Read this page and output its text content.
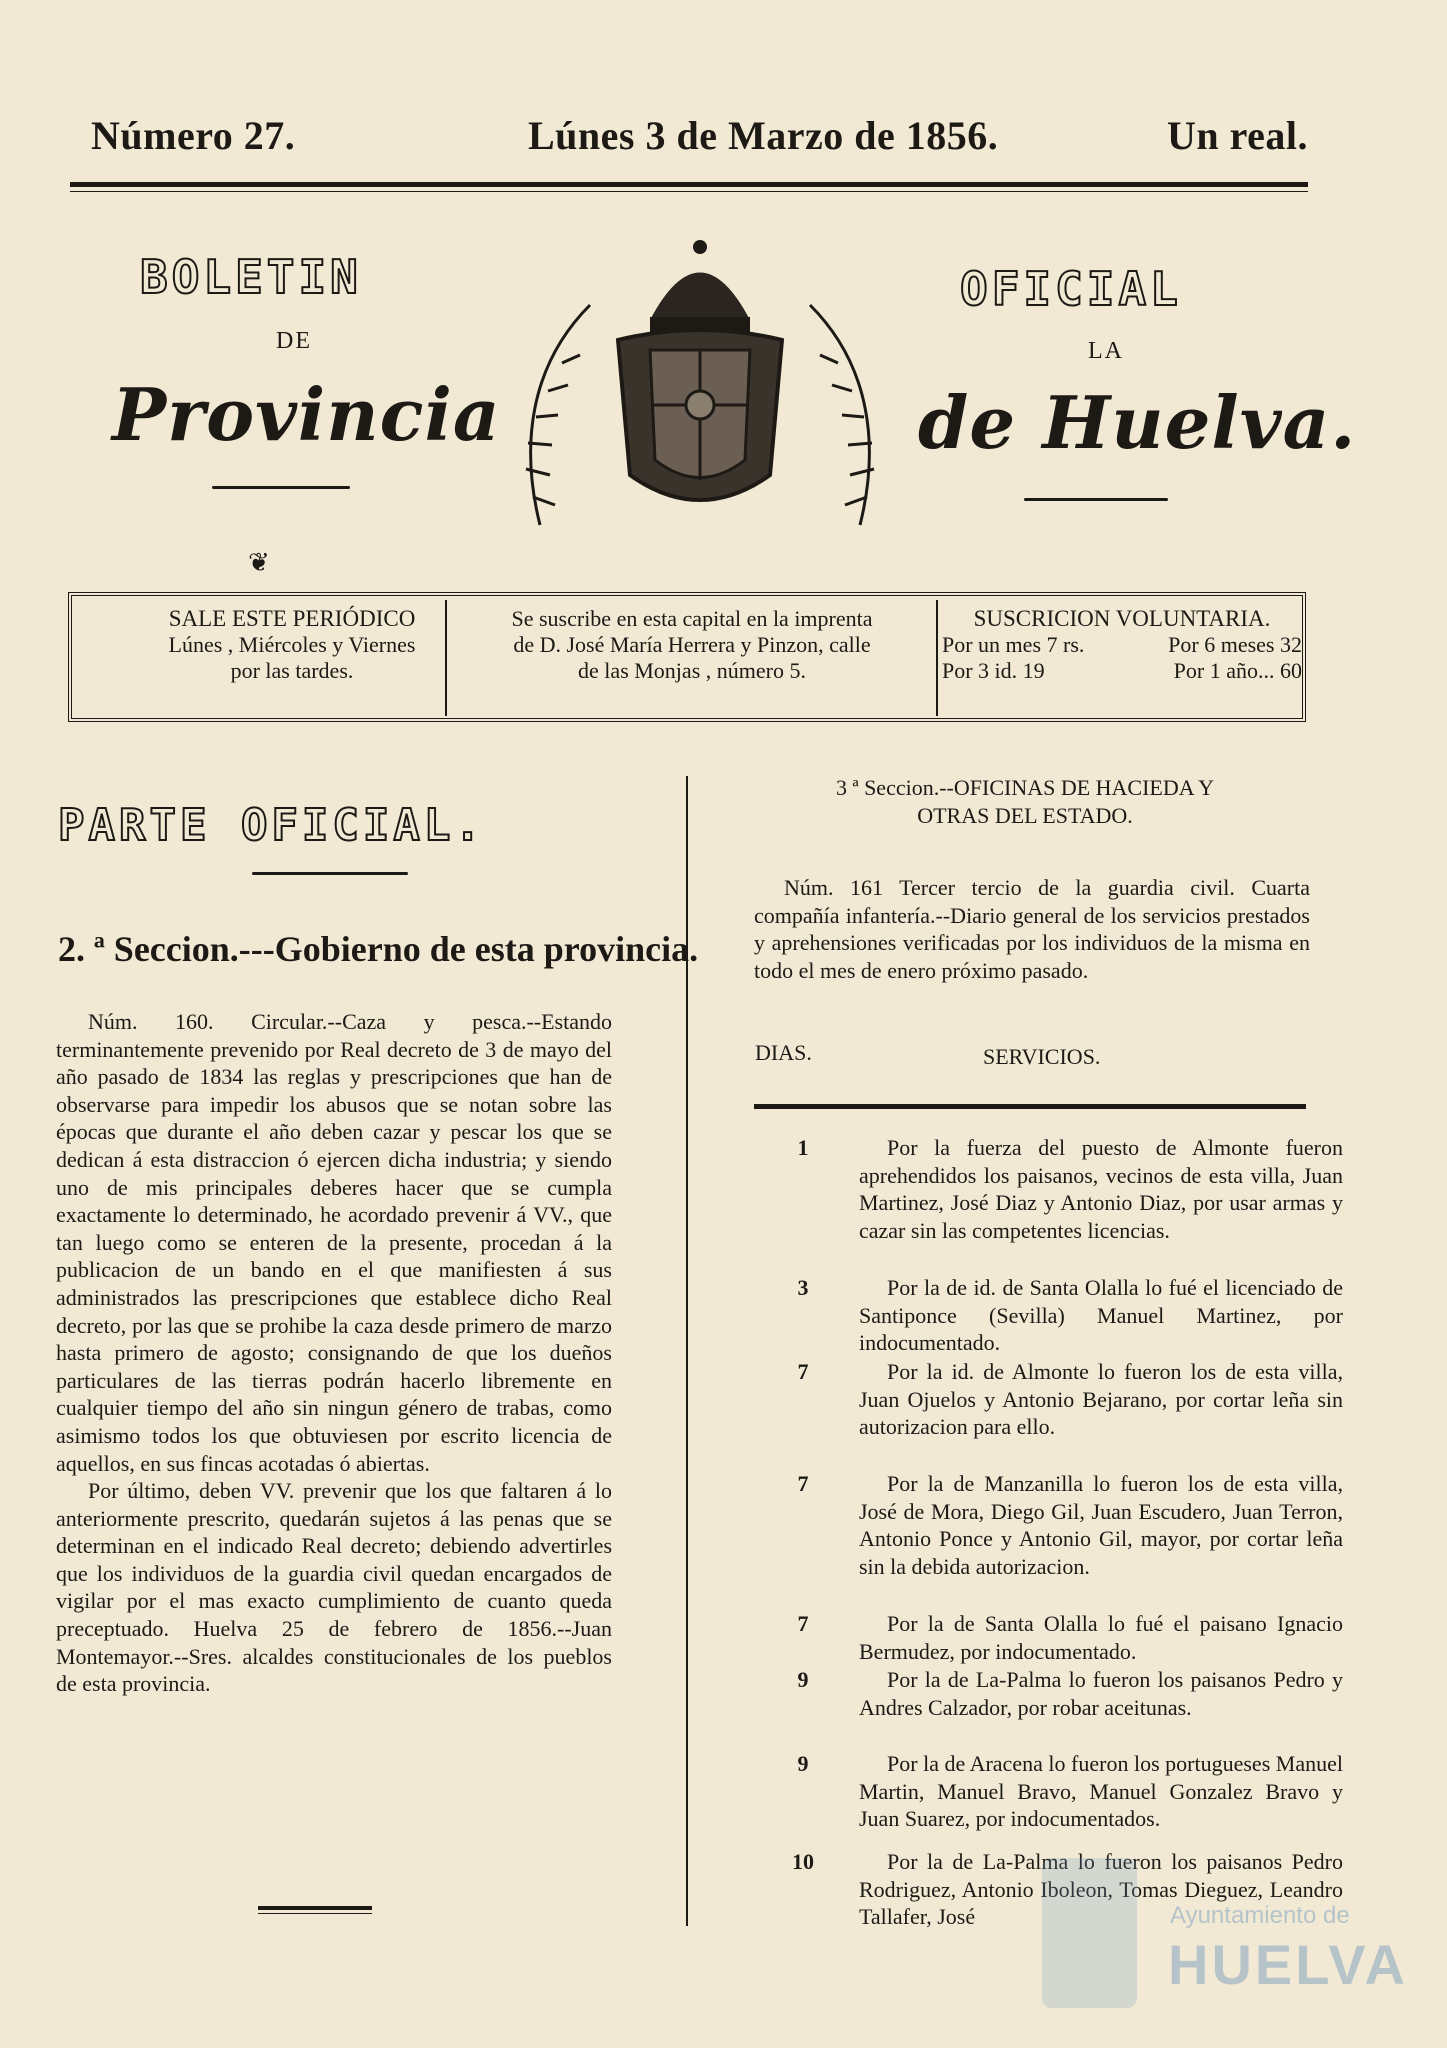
Número 27.	Lúnes 3 de Marzo de 1856.	Un real.
BOLETIN	OFICIAL
DE	LA
Provincia	de Huelva.
❦
SALE ESTE PERIÓDICO
Lúnes , Miércoles y Viernes
por las tardes.
Se suscribe en esta capital en la imprenta
de D. José María Herrera y Pinzon, calle
de las Monjas , número 5.
SUSCRICION VOLUNTARIA.
Por un mes 7 rs.	Por 6 meses 32
Por 3 id. 19	Por 1 año... 60
PARTE OFICIAL.
2. ª Seccion.---Gobierno de esta provincia.

Núm. 160. Circular.--Caza y pesca.--Estando terminantemente prevenido por Real decreto de 3 de mayo del año pasado de 1834 las reglas y prescripciones que han de observarse para impedir los abusos que se notan sobre las épocas que durante el año deben cazar y pescar los que se dedican á esta distraccion ó ejercen dicha industria; y siendo uno de mis principales deberes hacer que se cumpla exactamente lo determinado, he acordado prevenir á VV., que tan luego como se enteren de la presente, procedan á la publicacion de un bando en el que manifiesten á sus administrados las prescripciones que establece dicho Real decreto, por las que se prohibe la caza desde primero de marzo hasta primero de agosto; consignando de que los dueños particulares de las tierras podrán hacerlo libremente en cualquier tiempo del año sin ningun género de trabas, como asimismo todos los que obtuviesen por escrito licencia de aquellos, en sus fincas acotadas ó abiertas.

Por último, deben VV. prevenir que los que faltaren á lo anteriormente prescrito, quedarán sujetos á las penas que se determinan en el indicado Real decreto; debiendo advertirles que los individuos de la guardia civil quedan encargados de vigilar por el mas exacto cumplimiento de cuanto queda preceptuado. Huelva 25 de febrero de 1856.--Juan Montemayor.--Sres. alcaldes constitucionales de los pueblos de esta provincia.

3 ª Seccion.--OFICINAS DE HACIEDA Y
OTRAS DEL ESTADO.

Núm. 161 Tercer tercio de la guardia civil. Cuarta compañía infantería.--Diario general de los servicios prestados y aprehensiones verificadas por los individuos de la misma en todo el mes de enero próximo pasado.

DIAS.	SERVICIOS.
1	Por la fuerza del puesto de Almonte fueron aprehendidos los paisanos, vecinos de esta villa, Juan Martinez, José Diaz y Antonio Diaz, por usar armas y cazar sin las competentes licencias.
3	Por la de id. de Santa Olalla lo fué el licenciado de Santiponce (Sevilla) Manuel Martinez, por indocumentado.
7	Por la id. de Almonte lo fueron los de esta villa, Juan Ojuelos y Antonio Bejarano, por cortar leña sin autorizacion para ello.
7	Por la de Manzanilla lo fueron los de esta villa, José de Mora, Diego Gil, Juan Escudero, Juan Terron, Antonio Ponce y Antonio Gil, mayor, por cortar leña sin la debida autorizacion.
7	Por la de Santa Olalla lo fué el paisano Ignacio Bermudez, por indocumentado.
9	Por la de La-Palma lo fueron los paisanos Pedro y Andres Calzador, por robar aceitunas.
9	Por la de Aracena lo fueron los portugueses Manuel Martin, Manuel Bravo, Manuel Gonzalez Bravo y Juan Suarez, por indocumentados.
10	Por la de La-Palma lo fueron los paisanos Pedro Rodriguez, Antonio Iboleon, Tomas Dieguez, Leandro Tallafer, José	Ayuntamiento de
HUELVA
